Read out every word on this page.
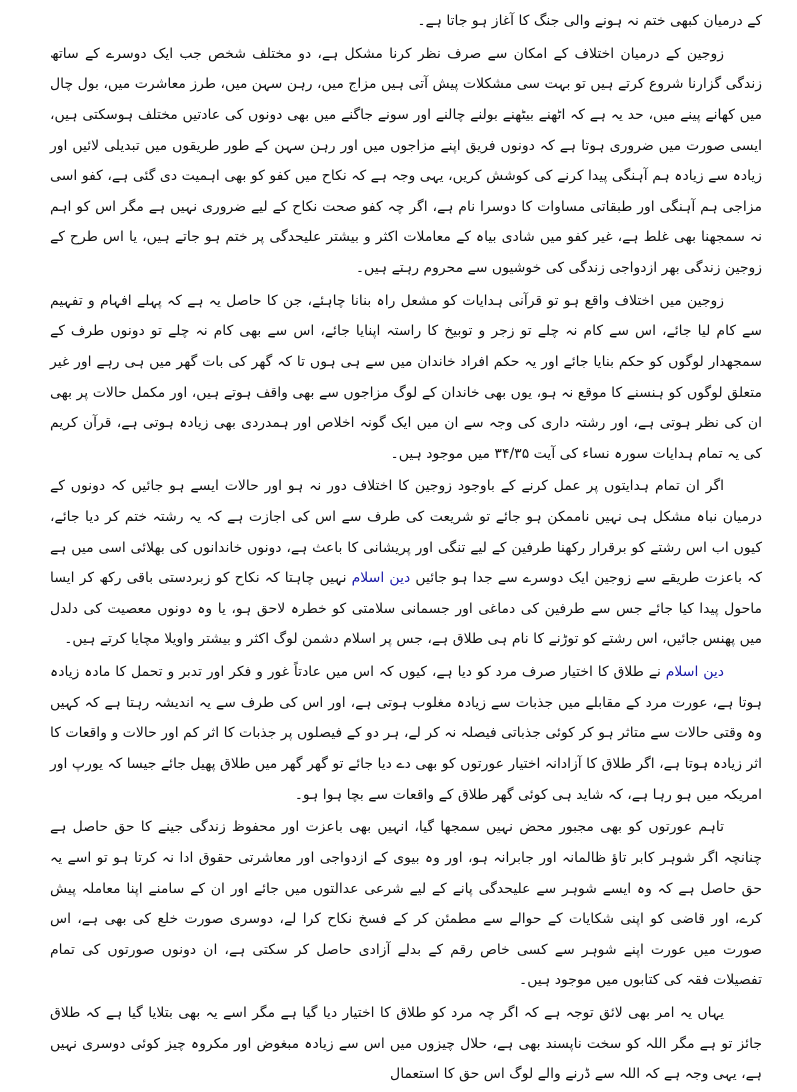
کے درمیان کبھی ختم نہ ہونے والی جنگ کا آغاز ہو جاتا ہے۔

زوجین کے درمیان اختلاف کے امکان سے صرف نظر کرنا مشکل ہے، دو مختلف شخص جب ایک دوسرے کے ساتھ زندگی گزارنا شروع کرتے ہیں تو بہت سی مشکلات پیش آتی ہیں مزاج میں، رہن سہن میں، طرز معاشرت میں، بول چال میں کھانے پینے میں، حد یہ ہے کہ اٹھنے بیٹھنے بولنے چالنے اور سونے جاگنے میں بھی دونوں کی عادتیں مختلف ہوسکتی ہیں، ایسی صورت میں ضروری ہوتا ہے کہ دونوں فریق اپنے مزاجوں میں اور رہن سہن کے طور طریقوں میں تبدیلی لائیں اور زیادہ سے زیادہ ہم آہنگی پیدا کرنے کی کوشش کریں، یہی وجہ ہے کہ نکاح میں کفو کو بھی اہمیت دی گئی ہے، کفو اسی مزاجی ہم آہنگی اور طبقاتی مساوات کا دوسرا نام ہے، اگر چہ کفو صحت نکاح کے لیے ضروری نہیں ہے مگر اس کو اہم نہ سمجھنا بھی غلط ہے، غیر کفو میں شادی بیاہ کے معاملات اکثر و بیشتر علیحدگی پر ختم ہو جاتے ہیں، یا اس طرح کے زوجین زندگی بھر ازدواجی زندگی کی خوشیوں سے محروم رہتے ہیں۔

زوجین میں اختلاف واقع ہو تو قرآنی ہدایات کو مشعل راہ بنانا چاہئے، جن کا حاصل یہ ہے کہ پہلے افہام و تفہیم سے کام لیا جائے، اس سے کام نہ چلے تو زجر و توبیخ کا راستہ اپنایا جائے، اس سے بھی کام نہ چلے تو دونوں طرف کے سمجھدار لوگوں کو حکم بنایا جائے اور یہ حکم افراد خاندان میں سے ہی ہوں تا کہ گھر کی بات گھر میں ہی رہے اور غیر متعلق لوگوں کو ہنسنے کا موقع نہ ہو، یوں بھی خاندان کے لوگ مزاجوں سے بھی واقف ہوتے ہیں، اور مکمل حالات پر بھی ان کی نظر ہوتی ہے، اور رشتہ داری کی وجہ سے ان میں ایک گونہ اخلاص اور ہمدردی بھی زیادہ ہوتی ہے، قرآن کریم کی یہ تمام ہدایات سورہ نساء کی آیت ۳۴/۳۵ میں موجود ہیں۔

اگر ان تمام ہدایتوں پر عمل کرنے کے باوجود زوجین کا اختلاف دور نہ ہو اور حالات ایسے ہو جائیں کہ دونوں کے درمیان نباہ مشکل ہی نہیں ناممکن ہو جائے تو شریعت کی طرف سے اس کی اجازت ہے کہ یہ رشتہ ختم کر دیا جائے، کیوں اب اس رشتے کو برقرار رکھنا طرفین کے لیے تنگی اور پریشانی کا باعث ہے، دونوں خاندانوں کی بھلائی اسی میں ہے کہ باعزت طریقے سے زوجین ایک دوسرے سے جدا ہو جائیں دین اسلام نہیں چاہتا کہ نکاح کو زبردستی باقی رکھ کر ایسا ماحول پیدا کیا جائے جس سے طرفین کی دماغی اور جسمانی سلامتی کو خطرہ لاحق ہو، یا وہ دونوں معصیت کی دلدل میں پھنس جائیں، اس رشتے کو توڑنے کا نام ہی طلاق ہے، جس پر اسلام دشمن لوگ اکثر و بیشتر واویلا مچایا کرتے ہیں۔

دین اسلام نے طلاق کا اختیار صرف مرد کو دیا ہے، کیوں کہ اس میں عادتاً غور و فکر اور تدبر و تحمل کا مادہ زیادہ ہوتا ہے، عورت مرد کے مقابلے میں جذبات سے زیادہ مغلوب ہوتی ہے، اور اس کی طرف سے یہ اندیشہ رہتا ہے کہ کہیں وہ وقتی حالات سے متاثر ہو کر کوئی جذباتی فیصلہ نہ کر لے، ہر دو کے فیصلوں پر جذبات کا اثر کم اور حالات و واقعات کا اثر زیادہ ہوتا ہے، اگر طلاق کا آزادانہ اختیار عورتوں کو بھی دے دیا جائے تو گھر گھر میں طلاق پھیل جائے جیسا کہ یورپ اور امریکہ میں ہو رہا ہے، کہ شاید ہی کوئی گھر طلاق کے واقعات سے بچا ہوا ہو۔

تاہم عورتوں کو بھی مجبور محض نہیں سمجھا گیا، انہیں بھی باعزت اور محفوظ زندگی جینے کا حق حاصل ہے چنانچہ اگر شوہر کابر تاؤ ظالمانہ اور جابرانہ ہو، اور وہ بیوی کے ازدواجی اور معاشرتی حقوق ادا نہ کرتا ہو تو اسے یہ حق حاصل ہے کہ وہ ایسے شوہر سے علیحدگی پانے کے لیے شرعی عدالتوں میں جائے اور ان کے سامنے اپنا معاملہ پیش کرے، اور قاضی کو اپنی شکایات کے حوالے سے مطمئن کر کے فسخ نکاح کرا لے، دوسری صورت خلع کی بھی ہے، اس صورت میں عورت اپنے شوہر سے کسی خاص رقم کے بدلے آزادی حاصل کر سکتی ہے، ان دونوں صورتوں کی تمام تفصیلات فقہ کی کتابوں میں موجود ہیں۔

یہاں یہ امر بھی لائق توجہ ہے کہ اگر چہ مرد کو طلاق کا اختیار دیا گیا ہے مگر اسے یہ بھی بتلایا گیا ہے کہ طلاق جائز تو ہے مگر اللہ کو سخت ناپسند بھی ہے، حلال چیزوں میں اس سے زیادہ مبغوض اور مکروہ چیز کوئی دوسری نہیں ہے، یہی وجہ ہے کہ اللہ سے ڈرنے والے لوگ اس حق کا استعمال
